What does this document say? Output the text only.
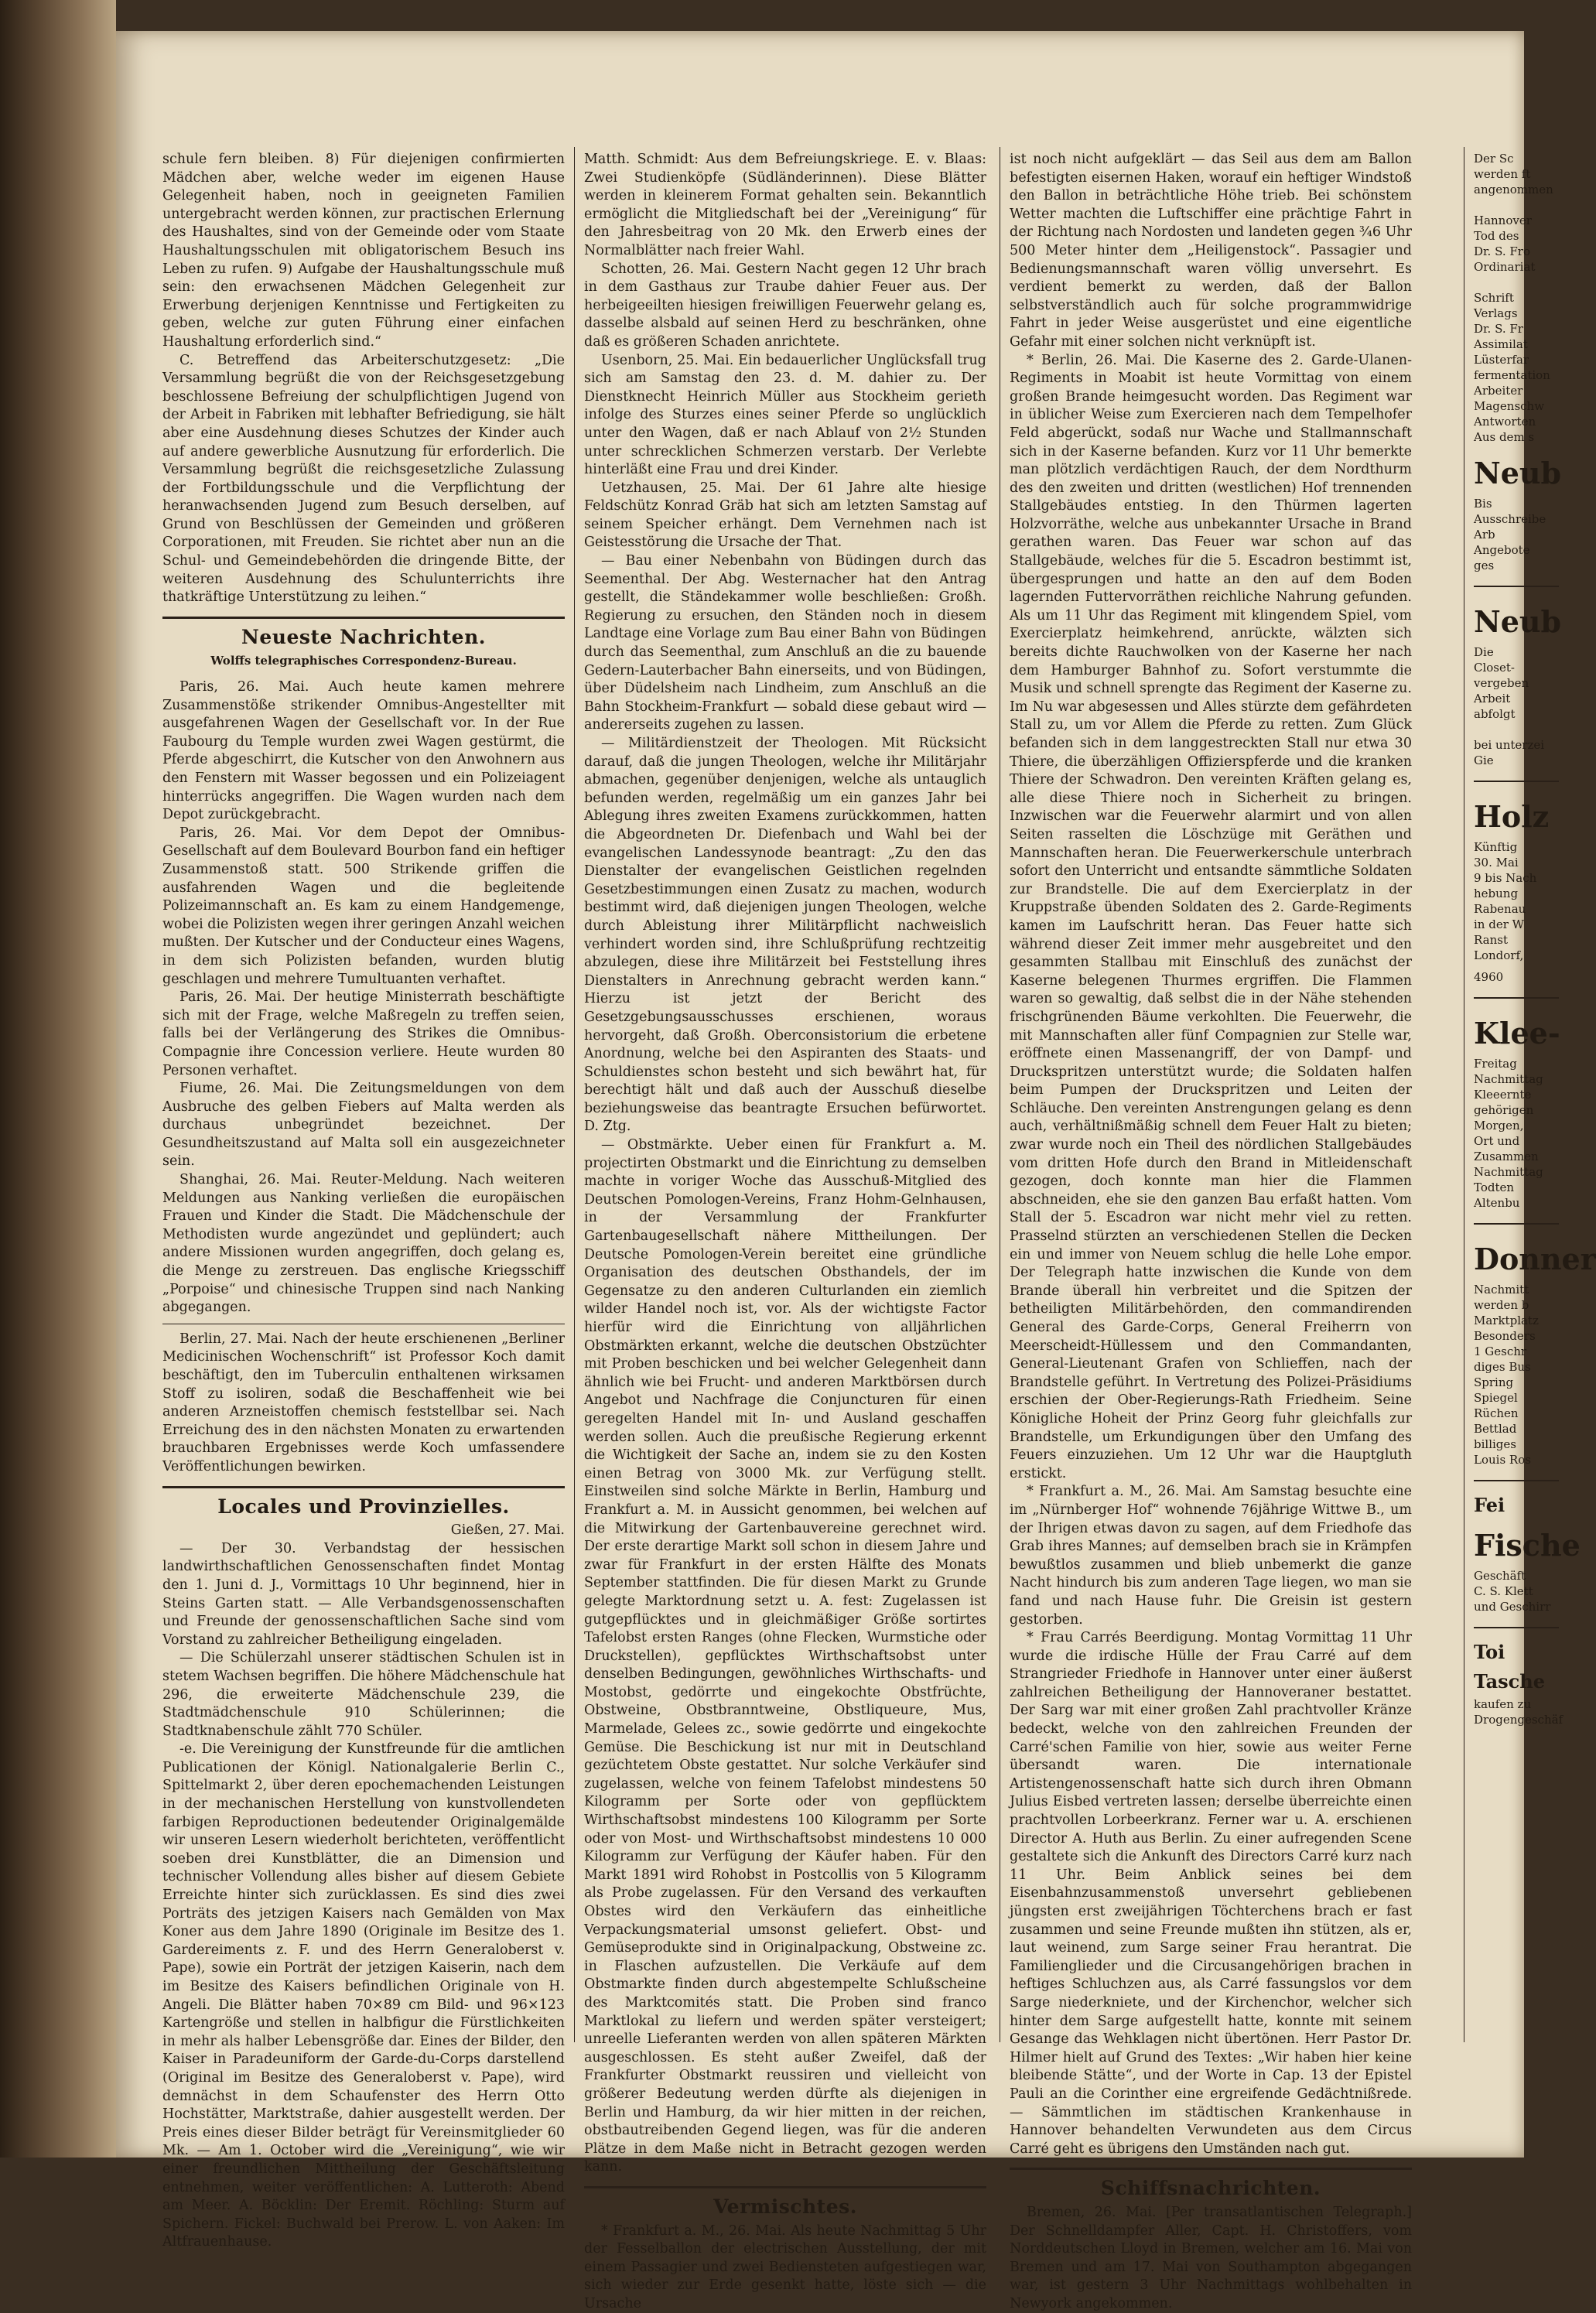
schule fern bleiben. 8) Für diejenigen confirmierten Mädchen aber, welche weder im eigenen Hause Gelegenheit haben, noch in geeigneten Familien untergebracht werden können, zur practischen Erlernung des Haushaltes, sind von der Gemeinde oder vom Staate Haushaltungsschulen mit obligatorischem Besuch ins Leben zu rufen. 9) Aufgabe der Haushaltungsschule muß sein: den erwachsenen Mädchen Gelegenheit zur Erwerbung derjenigen Kenntnisse und Fertigkeiten zu geben, welche zur guten Führung einer einfachen Haushaltung erforderlich sind.“

C. Betreffend das Arbeiterschutzgesetz: „Die Versammlung begrüßt die von der Reichsgesetzgebung beschlossene Befreiung der schulpflichtigen Jugend von der Arbeit in Fabriken mit lebhafter Befriedigung, sie hält aber eine Ausdehnung dieses Schutzes der Kinder auch auf andere gewerbliche Ausnutzung für erforderlich. Die Versammlung begrüßt die reichsgesetzliche Zulassung der Fortbildungsschule und die Verpflichtung der heranwachsenden Jugend zum Besuch derselben, auf Grund von Beschlüssen der Gemeinden und größeren Corporationen, mit Freuden. Sie richtet aber nun an die Schul- und Gemeindebehörden die dringende Bitte, der weiteren Ausdehnung des Schulunterrichts ihre thatkräftige Unterstützung zu leihen.“

Neueste Nachrichten.
Wolffs telegraphisches Correspondenz-Bureau.

Paris, 26. Mai. Auch heute kamen mehrere Zusammenstöße strikender Omnibus-Angestellter mit ausgefahrenen Wagen der Gesellschaft vor. In der Rue Faubourg du Temple wurden zwei Wagen gestürmt, die Pferde abgeschirrt, die Kutscher von den Anwohnern aus den Fenstern mit Wasser begossen und ein Polizeiagent hinterrücks angegriffen. Die Wagen wurden nach dem Depot zurückgebracht.

Paris, 26. Mai. Vor dem Depot der Omnibus-Gesellschaft auf dem Boulevard Bourbon fand ein heftiger Zusammenstoß statt. 500 Strikende griffen die ausfahrenden Wagen und die begleitende Polizeimannschaft an. Es kam zu einem Handgemenge, wobei die Polizisten wegen ihrer geringen Anzahl weichen mußten. Der Kutscher und der Conducteur eines Wagens, in dem sich Polizisten befanden, wurden blutig geschlagen und mehrere Tumultuanten verhaftet.

Paris, 26. Mai. Der heutige Ministerrath beschäftigte sich mit der Frage, welche Maßregeln zu treffen seien, falls bei der Verlängerung des Strikes die Omnibus-Compagnie ihre Concession verliere. Heute wurden 80 Personen verhaftet.

Fiume, 26. Mai. Die Zeitungsmeldungen von dem Ausbruche des gelben Fiebers auf Malta werden als durchaus unbegründet bezeichnet. Der Gesundheitszustand auf Malta soll ein ausgezeichneter sein.

Shanghai, 26. Mai. Reuter-Meldung. Nach weiteren Meldungen aus Nanking verließen die europäischen Frauen und Kinder die Stadt. Die Mädchenschule der Methodisten wurde angezündet und geplündert; auch andere Missionen wurden angegriffen, doch gelang es, die Menge zu zerstreuen. Das englische Kriegsschiff „Porpoise“ und chinesische Truppen sind nach Nanking abgegangen.

Berlin, 27. Mai. Nach der heute erschienenen „Berliner Medicinischen Wochenschrift“ ist Professor Koch damit beschäftigt, den im Tuberculin enthaltenen wirksamen Stoff zu isoliren, sodaß die Beschaffenheit wie bei anderen Arzneistoffen chemisch feststellbar sei. Nach Erreichung des in den nächsten Monaten zu erwartenden brauchbaren Ergebnisses werde Koch umfassendere Veröffentlichungen bewirken.

Locales und Provinzielles.
Gießen, 27. Mai.

— Der 30. Verbandstag der hessischen landwirthschaftlichen Genossenschaften findet Montag den 1. Juni d. J., Vormittags 10 Uhr beginnend, hier in Steins Garten statt. — Alle Verbandsgenossenschaften und Freunde der genossenschaftlichen Sache sind vom Vorstand zu zahlreicher Betheiligung eingeladen.

— Die Schülerzahl unserer städtischen Schulen ist in stetem Wachsen begriffen. Die höhere Mädchenschule hat 296, die erweiterte Mädchenschule 239, die Stadtmädchenschule 910 Schülerinnen; die Stadtknabenschule zählt 770 Schüler.

-e. Die Vereinigung der Kunstfreunde für die amtlichen Publicationen der Königl. Nationalgalerie Berlin C., Spittelmarkt 2, über deren epochemachenden Leistungen in der mechanischen Herstellung von kunstvollendeten farbigen Reproductionen bedeutender Originalgemälde wir unseren Lesern wiederholt berichteten, veröffentlicht soeben drei Kunstblätter, die an Dimension und technischer Vollendung alles bisher auf diesem Gebiete Erreichte hinter sich zurücklassen. Es sind dies zwei Porträts des jetzigen Kaisers nach Gemälden von Max Koner aus dem Jahre 1890 (Originale im Besitze des 1. Gardereiments z. F. und des Herrn Generaloberst v. Pape), sowie ein Porträt der jetzigen Kaiserin, nach dem im Besitze des Kaisers befindlichen Originale von H. Angeli. Die Blätter haben 70×89 cm Bild- und 96×123 Kartengröße und stellen in halbfigur die Fürstlichkeiten in mehr als halber Lebensgröße dar. Eines der Bilder, den Kaiser in Paradeuniform der Garde-du-Corps darstellend (Original im Besitze des Generaloberst v. Pape), wird demnächst in dem Schaufenster des Herrn Otto Hochstätter, Marktstraße, dahier ausgestellt werden. Der Preis eines dieser Bilder beträgt für Vereinsmitglieder 60 Mk. — Am 1. October wird die „Vereinigung“, wie wir einer freundlichen Mittheilung der Geschäftsleitung entnehmen, weiter veröffentlichen: A. Lutteroth: Abend am Meer. A. Böcklin: Der Eremit. Röchling: Sturm auf Spichern. Fickel: Buchwald bei Prerow. L. von Aaken: Im Altfrauenhause.

Matth. Schmidt: Aus dem Befreiungskriege. E. v. Blaas: Zwei Studienköpfe (Südländerinnen). Diese Blätter werden in kleinerem Format gehalten sein. Bekanntlich ermöglicht die Mitgliedschaft bei der „Vereinigung“ für den Jahresbeitrag von 20 Mk. den Erwerb eines der Normalblätter nach freier Wahl.

Schotten, 26. Mai. Gestern Nacht gegen 12 Uhr brach in dem Gasthaus zur Traube dahier Feuer aus. Der herbeigeeilten hiesigen freiwilligen Feuerwehr gelang es, dasselbe alsbald auf seinen Herd zu beschränken, ohne daß es größeren Schaden anrichtete.

Usenborn, 25. Mai. Ein bedauerlicher Unglücksfall trug sich am Samstag den 23. d. M. dahier zu. Der Dienstknecht Heinrich Müller aus Stockheim gerieth infolge des Sturzes eines seiner Pferde so unglücklich unter den Wagen, daß er nach Ablauf von 2½ Stunden unter schrecklichen Schmerzen verstarb. Der Verlebte hinterläßt eine Frau und drei Kinder.

Uetzhausen, 25. Mai. Der 61 Jahre alte hiesige Feldschütz Konrad Gräb hat sich am letzten Samstag auf seinem Speicher erhängt. Dem Vernehmen nach ist Geistesstörung die Ursache der That.

— Bau einer Nebenbahn von Büdingen durch das Seementhal. Der Abg. Westernacher hat den Antrag gestellt, die Ständekammer wolle beschließen: Großh. Regierung zu ersuchen, den Ständen noch in diesem Landtage eine Vorlage zum Bau einer Bahn von Büdingen durch das Seementhal, zum Anschluß an die zu bauende Gedern-Lauterbacher Bahn einerseits, und von Büdingen, über Düdelsheim nach Lindheim, zum Anschluß an die Bahn Stockheim-Frankfurt — sobald diese gebaut wird — andererseits zugehen zu lassen.

— Militärdienstzeit der Theologen. Mit Rücksicht darauf, daß die jungen Theologen, welche ihr Militärjahr abmachen, gegenüber denjenigen, welche als untauglich befunden werden, regelmäßig um ein ganzes Jahr bei Ablegung ihres zweiten Examens zurückkommen, hatten die Abgeordneten Dr. Diefenbach und Wahl bei der evangelischen Landessynode beantragt: „Zu den das Dienstalter der evangelischen Geistlichen regelnden Gesetzbestimmungen einen Zusatz zu machen, wodurch bestimmt wird, daß diejenigen jungen Theologen, welche durch Ableistung ihrer Militärpflicht nachweislich verhindert worden sind, ihre Schlußprüfung rechtzeitig abzulegen, diese ihre Militärzeit bei Feststellung ihres Dienstalters in Anrechnung gebracht werden kann.“ Hierzu ist jetzt der Bericht des Gesetzgebungsausschusses erschienen, woraus hervorgeht, daß Großh. Oberconsistorium die erbetene Anordnung, welche bei den Aspiranten des Staats- und Schuldienstes schon besteht und sich bewährt hat, für berechtigt hält und daß auch der Ausschuß dieselbe beziehungsweise das beantragte Ersuchen befürwortet. D. Ztg.

— Obstmärkte. Ueber einen für Frankfurt a. M. projectirten Obstmarkt und die Einrichtung zu demselben machte in voriger Woche das Ausschuß-Mitglied des Deutschen Pomologen-Vereins, Franz Hohm-Gelnhausen, in der Versammlung der Frankfurter Gartenbaugesellschaft nähere Mittheilungen. Der Deutsche Pomologen-Verein bereitet eine gründliche Organisation des deutschen Obsthandels, der im Gegensatze zu den anderen Culturlanden ein ziemlich wilder Handel noch ist, vor. Als der wichtigste Factor hierfür wird die Einrichtung von alljährlichen Obstmärkten erkannt, welche die deutschen Obstzüchter mit Proben beschicken und bei welcher Gelegenheit dann ähnlich wie bei Frucht- und anderen Marktbörsen durch Angebot und Nachfrage die Conjuncturen für einen geregelten Handel mit In- und Ausland geschaffen werden sollen. Auch die preußische Regierung erkennt die Wichtigkeit der Sache an, indem sie zu den Kosten einen Betrag von 3000 Mk. zur Verfügung stellt. Einstweilen sind solche Märkte in Berlin, Hamburg und Frankfurt a. M. in Aussicht genommen, bei welchen auf die Mitwirkung der Gartenbauvereine gerechnet wird. Der erste derartige Markt soll schon in diesem Jahre und zwar für Frankfurt in der ersten Hälfte des Monats September stattfinden. Die für diesen Markt zu Grunde gelegte Marktordnung setzt u. A. fest: Zugelassen ist gutgepflücktes und in gleichmäßiger Größe sortirtes Tafelobst ersten Ranges (ohne Flecken, Wurmstiche oder Druckstellen), gepflücktes Wirthschaftsobst unter denselben Bedingungen, gewöhnliches Wirthschafts- und Mostobst, gedörrte und eingekochte Obstfrüchte, Obstweine, Obstbranntweine, Obstliqueure, Mus, Marmelade, Gelees zc., sowie gedörrte und eingekochte Gemüse. Die Beschickung ist nur mit in Deutschland gezüchtetem Obste gestattet. Nur solche Verkäufer sind zugelassen, welche von feinem Tafelobst mindestens 50 Kilogramm per Sorte oder von gepflücktem Wirthschaftsobst mindestens 100 Kilogramm per Sorte oder von Most- und Wirthschaftsobst mindestens 10 000 Kilogramm zur Verfügung der Käufer haben. Für den Markt 1891 wird Rohobst in Postcollis von 5 Kilogramm als Probe zugelassen. Für den Versand des verkauften Obstes wird den Verkäufern das einheitliche Verpackungsmaterial umsonst geliefert. Obst- und Gemüseprodukte sind in Originalpackung, Obstweine zc. in Flaschen aufzustellen. Die Verkäufe auf dem Obstmarkte finden durch abgestempelte Schlußscheine des Marktcomités statt. Die Proben sind franco Marktlokal zu liefern und werden später versteigert; unreelle Lieferanten werden von allen späteren Märkten ausgeschlossen. Es steht außer Zweifel, daß der Frankfurter Obstmarkt reussiren und vielleicht von größerer Bedeutung werden dürfte als diejenigen in Berlin und Hamburg, da wir hier mitten in der reichen, obstbautreibenden Gegend liegen, was für die anderen Plätze in dem Maße nicht in Betracht gezogen werden kann.

Vermischtes.

* Frankfurt a. M., 26. Mai. Als heute Nachmittag 5 Uhr der Fesselballon der electrischen Ausstellung, der mit einem Passagier und zwei Bediensteten aufgestiegen war, sich wieder zur Erde gesenkt hatte, löste sich — die Ursache

ist noch nicht aufgeklärt — das Seil aus dem am Ballon befestigten eisernen Haken, worauf ein heftiger Windstoß den Ballon in beträchtliche Höhe trieb. Bei schönstem Wetter machten die Luftschiffer eine prächtige Fahrt in der Richtung nach Nordosten und landeten gegen ¾6 Uhr 500 Meter hinter dem „Heiligenstock“. Passagier und Bedienungsmannschaft waren völlig unversehrt. Es verdient bemerkt zu werden, daß der Ballon selbstverständlich auch für solche programmwidrige Fahrt in jeder Weise ausgerüstet und eine eigentliche Gefahr mit einer solchen nicht verknüpft ist.

* Berlin, 26. Mai. Die Kaserne des 2. Garde-Ulanen-Regiments in Moabit ist heute Vormittag von einem großen Brande heimgesucht worden. Das Regiment war in üblicher Weise zum Exercieren nach dem Tempelhofer Feld abgerückt, sodaß nur Wache und Stallmannschaft sich in der Kaserne befanden. Kurz vor 11 Uhr bemerkte man plötzlich verdächtigen Rauch, der dem Nordthurm des den zweiten und dritten (westlichen) Hof trennenden Stallgebäudes entstieg. In den Thürmen lagerten Holzvorräthe, welche aus unbekannter Ursache in Brand gerathen waren. Das Feuer war schon auf das Stallgebäude, welches für die 5. Escadron bestimmt ist, übergesprungen und hatte an den auf dem Boden lagernden Futtervorräthen reichliche Nahrung gefunden. Als um 11 Uhr das Regiment mit klingendem Spiel, vom Exercierplatz heimkehrend, anrückte, wälzten sich bereits dichte Rauchwolken von der Kaserne her nach dem Hamburger Bahnhof zu. Sofort verstummte die Musik und schnell sprengte das Regiment der Kaserne zu. Im Nu war abgesessen und Alles stürzte dem gefährdeten Stall zu, um vor Allem die Pferde zu retten. Zum Glück befanden sich in dem langgestreckten Stall nur etwa 30 Thiere, die überzähligen Offizierspferde und die kranken Thiere der Schwadron. Den vereinten Kräften gelang es, alle diese Thiere noch in Sicherheit zu bringen. Inzwischen war die Feuerwehr alarmirt und von allen Seiten rasselten die Löschzüge mit Geräthen und Mannschaften heran. Die Feuerwerkerschule unterbrach sofort den Unterricht und entsandte sämmtliche Soldaten zur Brandstelle. Die auf dem Exercierplatz in der Kruppstraße übenden Soldaten des 2. Garde-Regiments kamen im Laufschritt heran. Das Feuer hatte sich während dieser Zeit immer mehr ausgebreitet und den gesammten Stallbau mit Einschluß des zunächst der Kaserne belegenen Thurmes ergriffen. Die Flammen waren so gewaltig, daß selbst die in der Nähe stehenden frischgrünenden Bäume verkohlten. Die Feuerwehr, die mit Mannschaften aller fünf Compagnien zur Stelle war, eröffnete einen Massenangriff, der von Dampf- und Druckspritzen unterstützt wurde; die Soldaten halfen beim Pumpen der Druckspritzen und Leiten der Schläuche. Den vereinten Anstrengungen gelang es denn auch, verhältnißmäßig schnell dem Feuer Halt zu bieten; zwar wurde noch ein Theil des nördlichen Stallgebäudes vom dritten Hofe durch den Brand in Mitleidenschaft gezogen, doch konnte man hier die Flammen abschneiden, ehe sie den ganzen Bau erfaßt hatten. Vom Stall der 5. Escadron war nicht mehr viel zu retten. Prasselnd stürzten an verschiedenen Stellen die Decken ein und immer von Neuem schlug die helle Lohe empor. Der Telegraph hatte inzwischen die Kunde von dem Brande überall hin verbreitet und die Spitzen der betheiligten Militärbehörden, den commandirenden General des Garde-Corps, General Freiherrn von Meerscheidt-Hüllessem und den Commandanten, General-Lieutenant Grafen von Schlieffen, nach der Brandstelle geführt. In Vertretung des Polizei-Präsidiums erschien der Ober-Regierungs-Rath Friedheim. Seine Königliche Hoheit der Prinz Georg fuhr gleichfalls zur Brandstelle, um Erkundigungen über den Umfang des Feuers einzuziehen. Um 12 Uhr war die Hauptgluth erstickt.

* Frankfurt a. M., 26. Mai. Am Samstag besuchte eine im „Nürnberger Hof“ wohnende 76jährige Wittwe B., um der Ihrigen etwas davon zu sagen, auf dem Friedhofe das Grab ihres Mannes; auf demselben brach sie in Krämpfen bewußtlos zusammen und blieb unbemerkt die ganze Nacht hindurch bis zum anderen Tage liegen, wo man sie fand und nach Hause fuhr. Die Greisin ist gestern gestorben.

* Frau Carrés Beerdigung. Montag Vormittag 11 Uhr wurde die irdische Hülle der Frau Carré auf dem Strangrieder Friedhofe in Hannover unter einer äußerst zahlreichen Betheiligung der Hannoveraner bestattet. Der Sarg war mit einer großen Zahl prachtvoller Kränze bedeckt, welche von den zahlreichen Freunden der Carré'schen Familie von hier, sowie aus weiter Ferne übersandt waren. Die internationale Artistengenossenschaft hatte sich durch ihren Obmann Julius Eisbed vertreten lassen; derselbe überreichte einen prachtvollen Lorbeerkranz. Ferner war u. A. erschienen Director A. Huth aus Berlin. Zu einer aufregenden Scene gestaltete sich die Ankunft des Directors Carré kurz nach 11 Uhr. Beim Anblick seines bei dem Eisenbahnzusammenstoß unversehrt gebliebenen jüngsten erst zweijährigen Töchterchens brach er fast zusammen und seine Freunde mußten ihn stützen, als er, laut weinend, zum Sarge seiner Frau herantrat. Die Familienglieder und die Circusangehörigen brachen in heftiges Schluchzen aus, als Carré fassungslos vor dem Sarge niederkniete, und der Kirchenchor, welcher sich hinter dem Sarge aufgestellt hatte, konnte mit seinem Gesange das Wehklagen nicht übertönen. Herr Pastor Dr. Hilmer hielt auf Grund des Textes: „Wir haben hier keine bleibende Stätte“, und der Worte in Cap. 13 der Epistel Pauli an die Corinther eine ergreifende Gedächtnißrede. — Sämmtlichen im städtischen Krankenhause in Hannover behandelten Verwundeten aus dem Circus Carré geht es übrigens den Umständen nach gut.

Schiffsnachrichten.

Bremen, 26. Mai. [Per transatlantischen Telegraph.] Der Schnelldampfer Aller, Capt. H. Christoffers, vom Norddeutschen Lloyd in Bremen, welcher am 16. Mai von Bremen und am 17. Mai von Southampton abgegangen war, ist gestern 3 Uhr Nachmittags wohlbehalten in Newyork angekommen.

Der Sc
werden ft
angenommen

Hannover
Tod des
Dr. S. Fro
Ordinariat

Schrift
Verlags
Dr. S. Fr
Assimilat
Lüsterfar
fermentation
Arbeiter
Magenschw
Antworten
Aus dem s
Neub
Bis
Ausschreibe
Arb
Angebote
ges
Neub
Die
Closet-
vergeben
Arbeit
abfolgt

bei unterzei
Gie
Holz
Künftig
30. Mai
9 bis Nach
hebung
Rabenau
in der W
Ranst
Londorf,
4960
Klee-
Freitag
Nachmittag
Kleeernte
gehörigen
Morgen,
Ort und
Zusammen
Nachmittag
Todten
Altenbu
Donner
Nachmitt
werden b
Marktplatz
Besonders
1 Geschr
diges Bus
Spring
Spiegel
Rüchen
Bettlad
billiges
Louis Ros
Fei
Fische
Geschäft
C. S. Klett
und Geschirr
Toi
Tasche
kaufen zu
Drogengeschäf
